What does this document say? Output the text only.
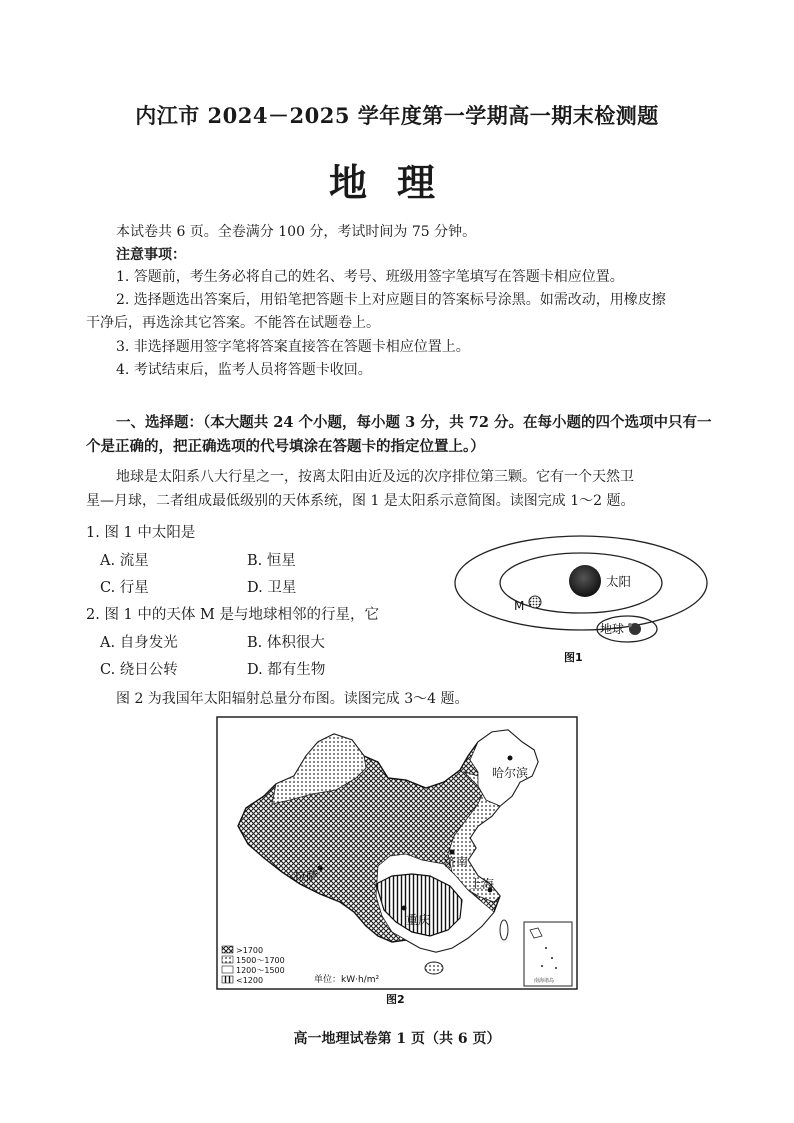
内江市 2024－2025 学年度第一学期高一期末检测题
地理
本试卷共 6 页。全卷满分 100 分，考试时间为 75 分钟。
注意事项：
1. 答题前，考生务必将自己的姓名、考号、班级用签字笔填写在答题卡相应位置。
2. 选择题选出答案后，用铅笔把答题卡上对应题目的答案标号涂黑。如需改动，用橡皮擦
干净后，再选涂其它答案。不能答在试题卷上。
3. 非选择题用签字笔将答案直接答在答题卡相应位置上。
4. 考试结束后，监考人员将答题卡收回。
一、选择题：（本大题共 24 个小题，每小题 3 分，共 72 分。在每小题的四个选项中只有一
个是正确的，把正确选项的代号填涂在答题卡的指定位置上。）
地球是太阳系八大行星之一，按离太阳由近及远的次序排位第三颗。它有一个天然卫
星—月球，二者组成最低级别的天体系统，图 1 是太阳系示意简图。读图完成 1～2 题。
1. 图 1 中太阳是
A. 流星	B. 恒星
C. 行星	D. 卫星
2. 图 1 中的天体 M 是与地球相邻的行星，它
A. 自身发光	B. 体积很大
C. 绕日公转	D. 都有生物
太阳
M
地球
图1
图 2 为我国年太阳辐射总量分布图。读图完成 3～4 题。
南海诸岛
哈尔滨
拉萨
济南
上海
重庆
>1700
1500～1700
1200～1500
<1200	单位：kW·h/m²
图2
高一地理试卷第 1 页（共 6 页）
